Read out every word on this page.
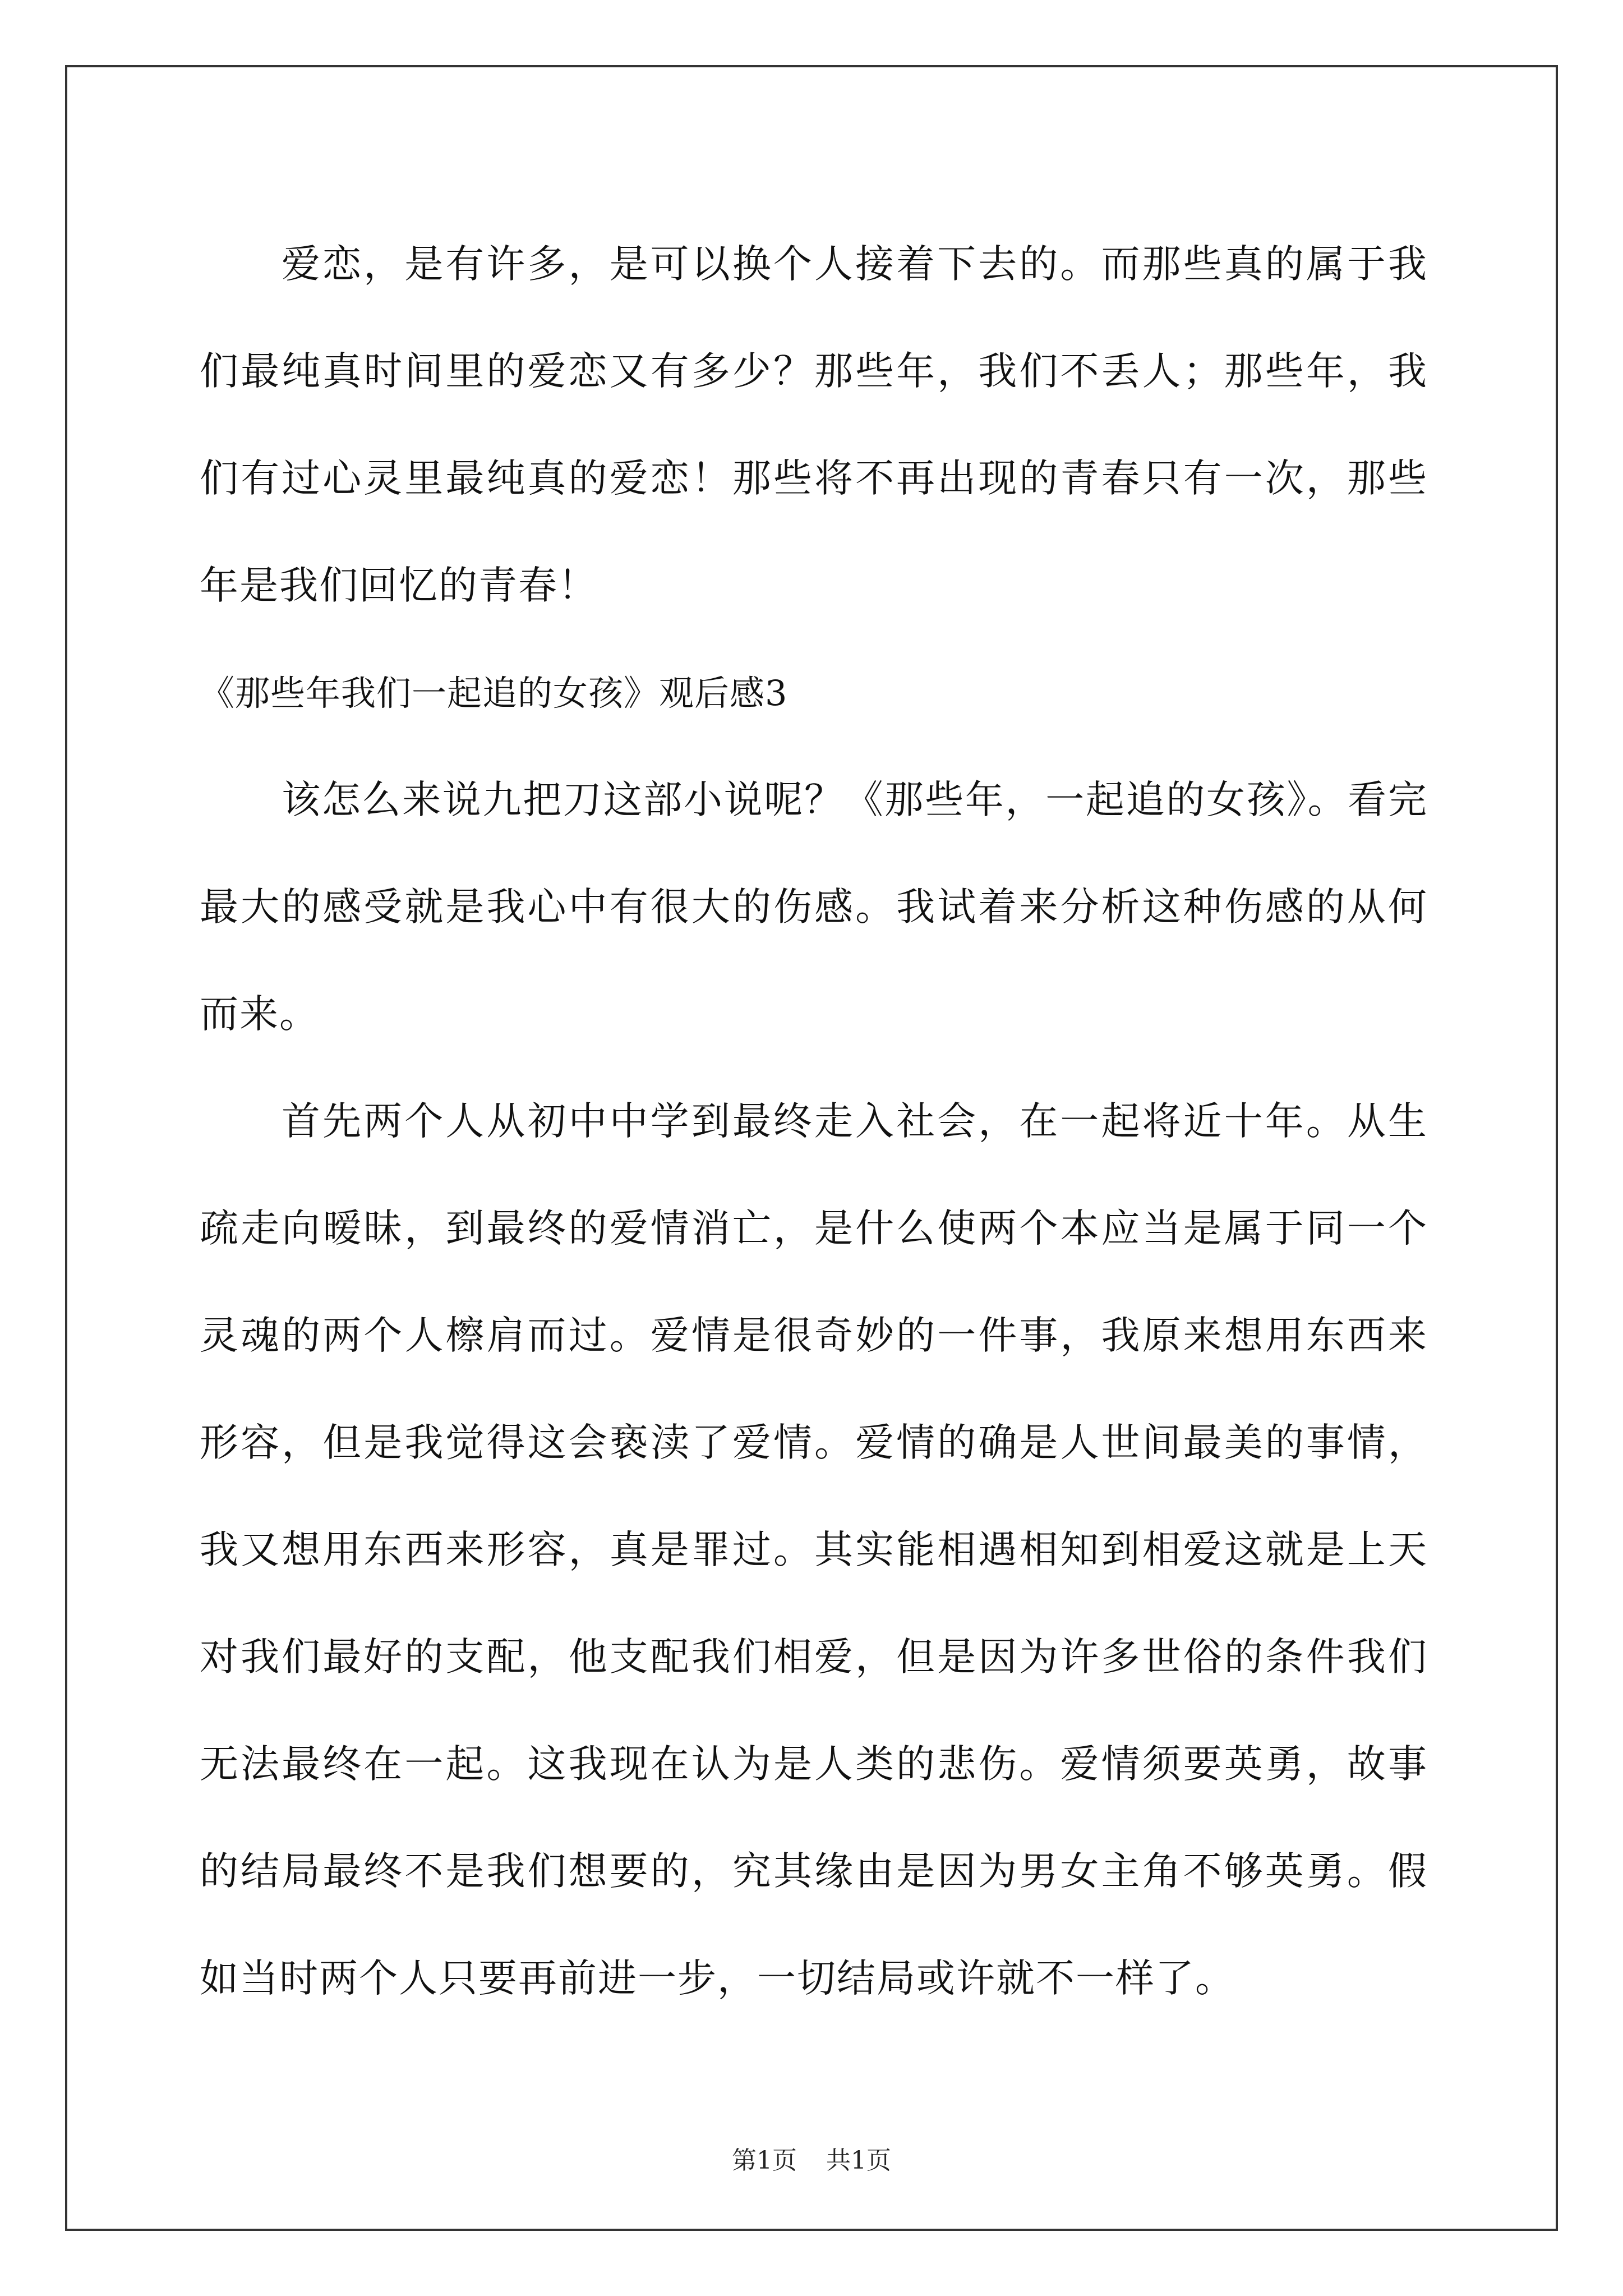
爱恋，是有许多，是可以换个人接着下去的。而那些真的属于我们最纯真时间里的爱恋又有多少？那些年，我们不丢人；那些年，我们有过心灵里最纯真的爱恋！那些将不再出现的青春只有一次，那些年是我们回忆的青春！

《那些年我们一起追的女孩》观后感3

该怎么来说九把刀这部小说呢？《那些年，一起追的女孩》。看完最大的感受就是我心中有很大的伤感。我试着来分析这种伤感的从何而来。

首先两个人从初中中学到最终走入社会，在一起将近十年。从生疏走向暧昧，到最终的爱情消亡，是什么使两个本应当是属于同一个灵魂的两个人檫肩而过。爱情是很奇妙的一件事，我原来想用东西来形容，但是我觉得这会亵渎了爱情。爱情的确是人世间最美的事情，我又想用东西来形容，真是罪过。其实能相遇相知到相爱这就是上天对我们最好的支配，他支配我们相爱，但是因为许多世俗的条件我们无法最终在一起。这我现在认为是人类的悲伤。爱情须要英勇，故事的结局最终不是我们想要的，究其缘由是因为男女主角不够英勇。假如当时两个人只要再前进一步，一切结局或许就不一样了。

第1页 共1页
